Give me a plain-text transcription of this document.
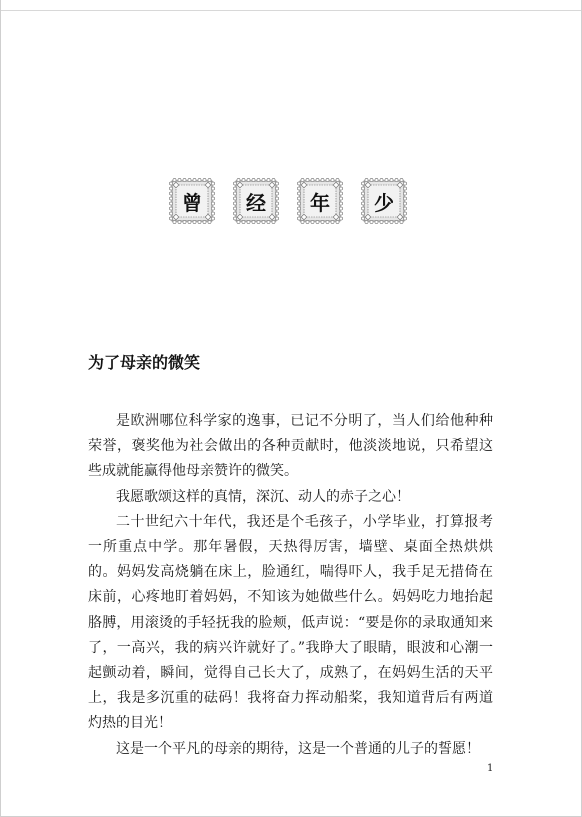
曾 经 年 少
为了母亲的微笑

是欧洲哪位科学家的逸事，已记不分明了，当人们给他种种荣誉，褒奖他为社会做出的各种贡献时，他淡淡地说，只希望这些成就能赢得他母亲赞许的微笑。

我愿歌颂这样的真情，深沉、动人的赤子之心！

二十世纪六十年代，我还是个毛孩子，小学毕业，打算报考一所重点中学。那年暑假，天热得厉害，墙壁、桌面全热烘烘的。妈妈发高烧躺在床上，脸通红，喘得吓人，我手足无措倚在床前，心疼地盯着妈妈，不知该为她做些什么。妈妈吃力地抬起胳膊，用滚烫的手轻抚我的脸颊，低声说：“要是你的录取通知来了，一高兴，我的病兴许就好了。”我睁大了眼睛，眼波和心潮一起颤动着，瞬间，觉得自己长大了，成熟了，在妈妈生活的天平上，我是多沉重的砝码！我将奋力挥动船桨，我知道背后有两道灼热的目光！

这是一个平凡的母亲的期待，这是一个普通的儿子的誓愿！

1
